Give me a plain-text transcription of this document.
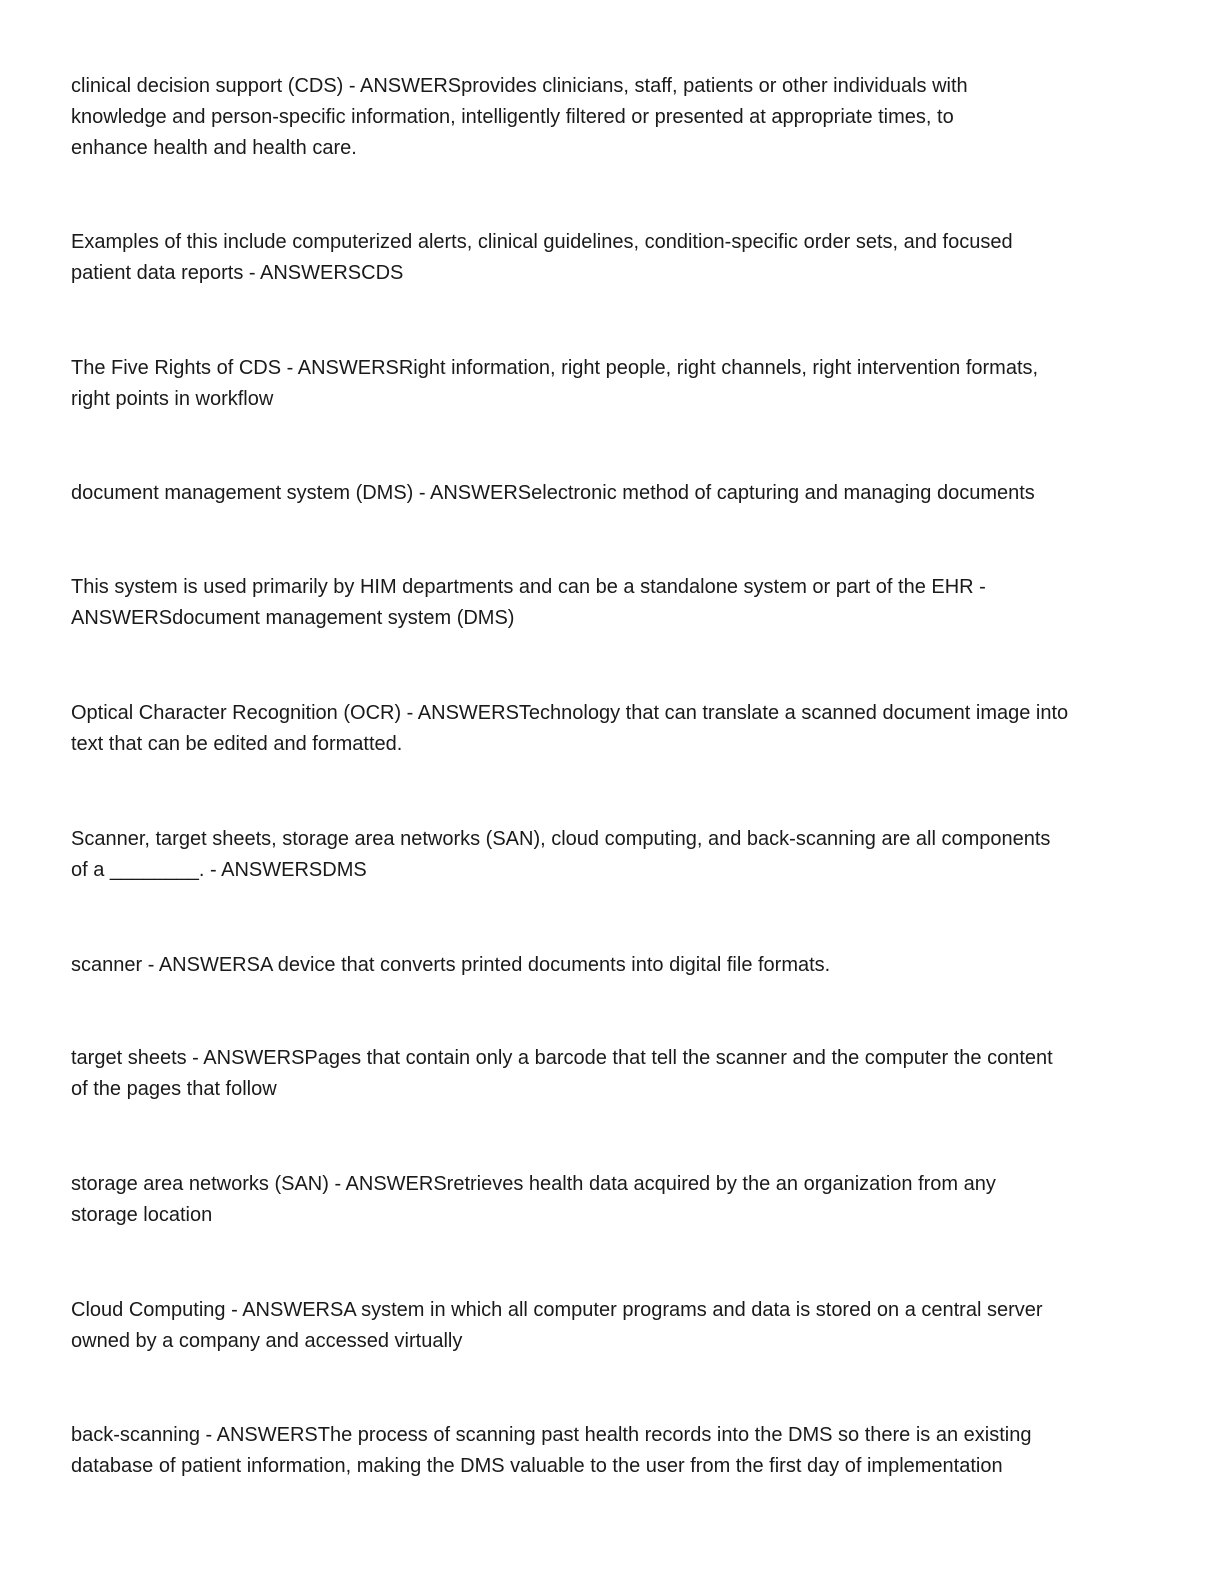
clinical decision support (CDS) - ANSWERSprovides clinicians, staff, patients or other individuals with
knowledge and person-specific information, intelligently filtered or presented at appropriate times, to
enhance health and health care.
Examples of this include computerized alerts, clinical guidelines, condition-specific order sets, and focused
patient data reports - ANSWERSCDS
The Five Rights of CDS - ANSWERSRight information, right people, right channels, right intervention formats,
right points in workflow
document management system (DMS) - ANSWERSelectronic method of capturing and managing documents
This system is used primarily by HIM departments and can be a standalone system or part of the EHR -
ANSWERSdocument management system (DMS)
Optical Character Recognition (OCR) - ANSWERSTechnology that can translate a scanned document image into
text that can be edited and formatted.
Scanner, target sheets, storage area networks (SAN), cloud computing, and back-scanning are all components
of a ________. - ANSWERSDMS
scanner - ANSWERSA device that converts printed documents into digital file formats.
target sheets - ANSWERSPages that contain only a barcode that tell the scanner and the computer the content
of the pages that follow
storage area networks (SAN) - ANSWERSretrieves health data acquired by the an organization from any
storage location
Cloud Computing - ANSWERSA system in which all computer programs and data is stored on a central server
owned by a company and accessed virtually
back-scanning - ANSWERSThe process of scanning past health records into the DMS so there is an existing
database of patient information, making the DMS valuable to the user from the first day of implementation
